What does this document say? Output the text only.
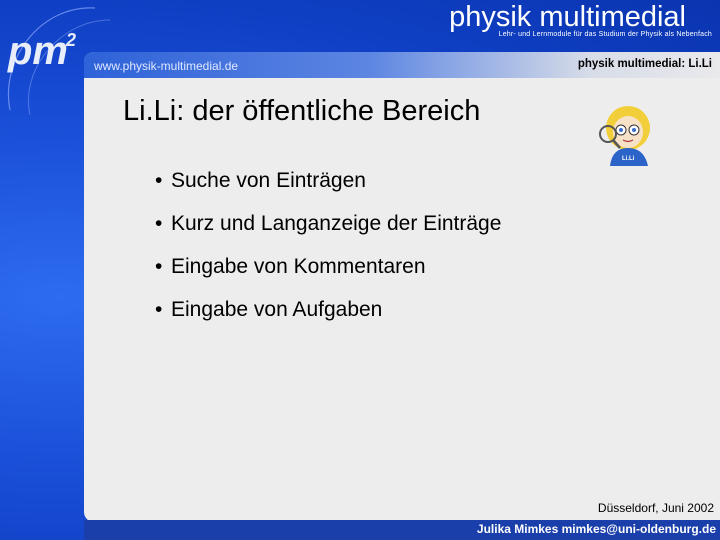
pm
2
physik multimedial
Lehr- und Lernmodule für das Studium der Physik als Nebenfach
www.physik-multimedial.de	physik multimedial: Li.Li
Li.Li: der öffentliche Bereich
• Suche von Einträgen
• Kurz und Langanzeige der Einträge
• Eingabe von Kommentaren
• Eingabe von Aufgaben
Li.Li
Düsseldorf, Juni 2002
Julika Mimkes mimkes@uni-oldenburg.de
